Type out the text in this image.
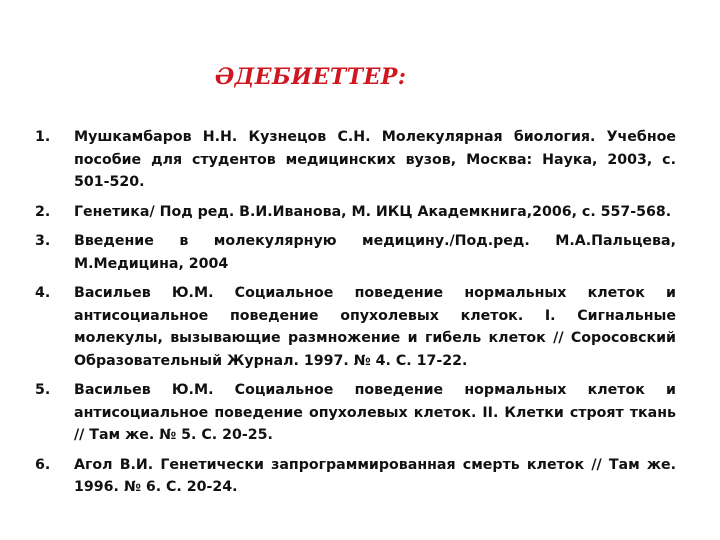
ӘДЕБИЕТТЕР:
1.	Мушкамбаров Н.Н. Кузнецов С.Н. Молекулярная биология. Учебное пособие для студентов медицинских вузов, Москва: Наука, 2003, с. 501-520.
2.	Генетика/ Под ред. В.И.Иванова, М. ИКЦ Академкнига,2006, с. 557-568.
3.	Введение в молекулярную медицину./Под.ред. М.А.Пальцева, М.Медицина, 2004
4.	Васильев Ю.М. Социальное поведение нормальных клеток и антисоциальное поведение опухолевых клеток. I. Сигнальные молекулы, вызывающие размножение и гибель клеток // Соросовский Образовательный Журнал. 1997. № 4. С. 17-22.
5.	Васильев Ю.М. Социальное поведение нормальных клеток и антисоциальное поведение опухолевых клеток. II. Клетки строят ткань // Там же. № 5. С. 20-25.
6.	Агол В.И. Генетически запрограммированная смерть клеток // Там же. 1996. № 6. С. 20-24.
